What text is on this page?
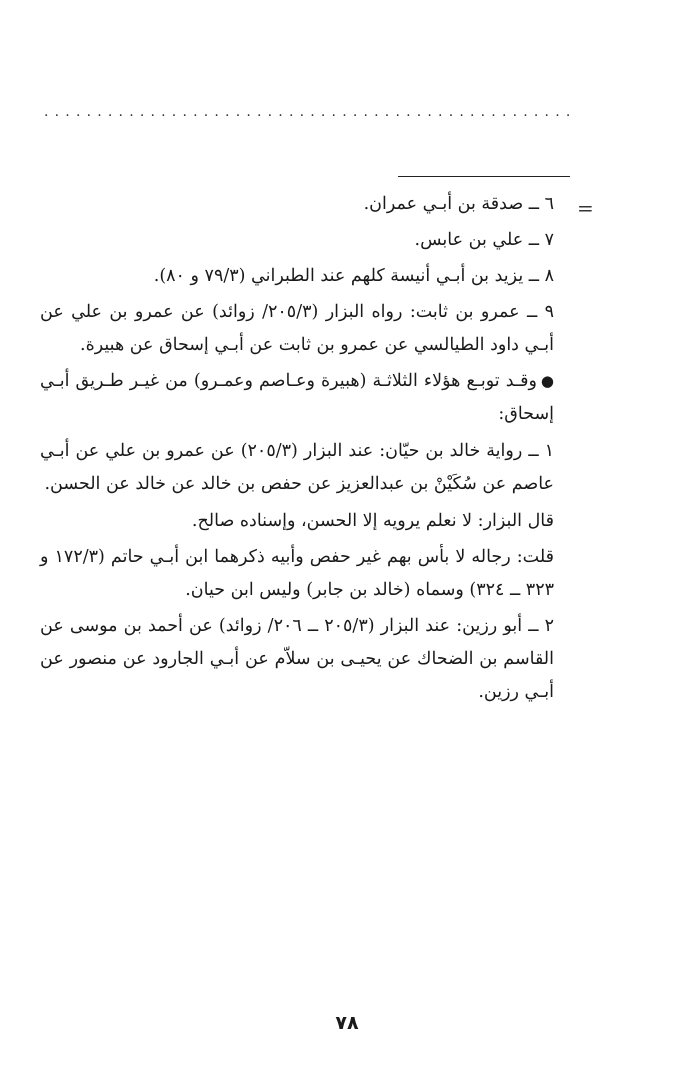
..................................................
=

٦ ــ صدقة بن أبـي عمران.

٧ ــ علي بن عابس.

٨ ــ يزيد بن أبـي أنيسة كلهم عند الطبراني (٧٩/٣ و ٨٠).

٩ ــ عمرو بن ثابت: رواه البزار (٢٠٥/٣/ زوائد) عن عمرو بن علي عن أبـي داود الطيالسي عن عمرو بن ثابت عن أبـي إسحاق عن هبيرة.

●وقـد توبـع هؤلاء الثلاثـة (هبيرة وعـاصم وعمـرو) من غيـر طـريق أبـي إسحاق:

١ ــ رواية خالد بن حيّان: عند البزار (٢٠٥/٣) عن عمرو بن علي عن أبـي عاصم عن سُكَيْنْ بن عبدالعزيز عن حفص بن خالد عن خالد عن الحسن.

قال البزار: لا نعلم يرويه إلا الحسن، وإسناده صالح.

قلت: رجاله لا بأس بهم غير حفص وأبيه ذكرهما ابن أبـي حاتم (١٧٢/٣ و ٣٢٣ ــ ٣٢٤) وسماه (خالد بن جابر) وليس ابن حيان.

٢ ــ أبو رزين: عند البزار (٢٠٥/٣ ــ ٢٠٦/ زوائد) عن أحمد بن موسى عن القاسم بن الضحاك عن يحيـى بن سلاّم عن أبـي الجارود عن منصور عن أبـي رزين.

٧٨
